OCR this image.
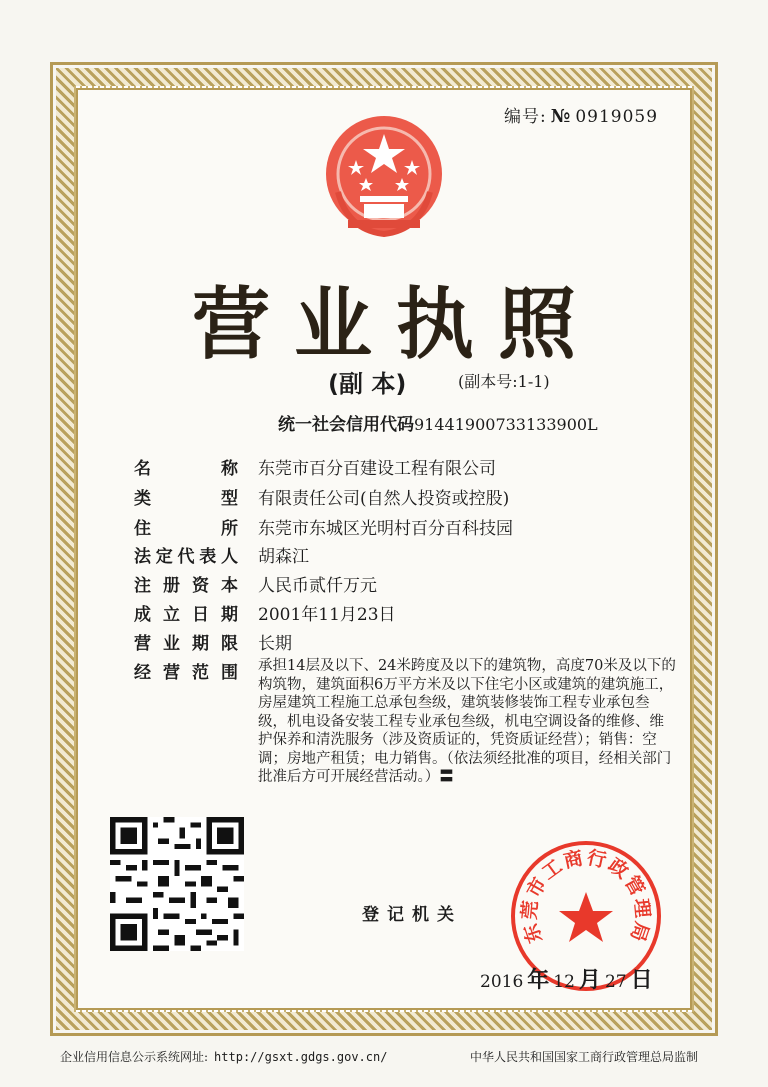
编号: № 0919059
营业执照
(副 本)	(副本号:1-1)
统一社会信用代码91441900733133900L
名称 东莞市百分百建设工程有限公司
类型 有限责任公司(自然人投资或控股)
住所 东莞市东城区光明村百分百科技园
法定代表人 胡森江
注册资本 人民币贰仟万元
成立日期 2001年11月23日
营业期限 长期
经营范围 承担14层及以下、24米跨度及以下的建筑物，高度70米及以下的构筑物，建筑面积6万平方米及以下住宅小区或建筑的建筑施工，房屋建筑工程施工总承包叁级，建筑装修装饰工程专业承包叁级，机电设备安装工程专业承包叁级，机电空调设备的维修、维护保养和清洗服务（涉及资质证的，凭资质证经营）；销售：空调；房地产租赁；电力销售。（依法须经批准的项目，经相关部门批准后方可开展经营活动。）〓
登记机关
东莞市工商行政管理局
2016 年 12 月 27 日
企业信用信息公示系统网址: http://gsxt.gdgs.gov.cn/	中华人民共和国国家工商行政管理总局监制
